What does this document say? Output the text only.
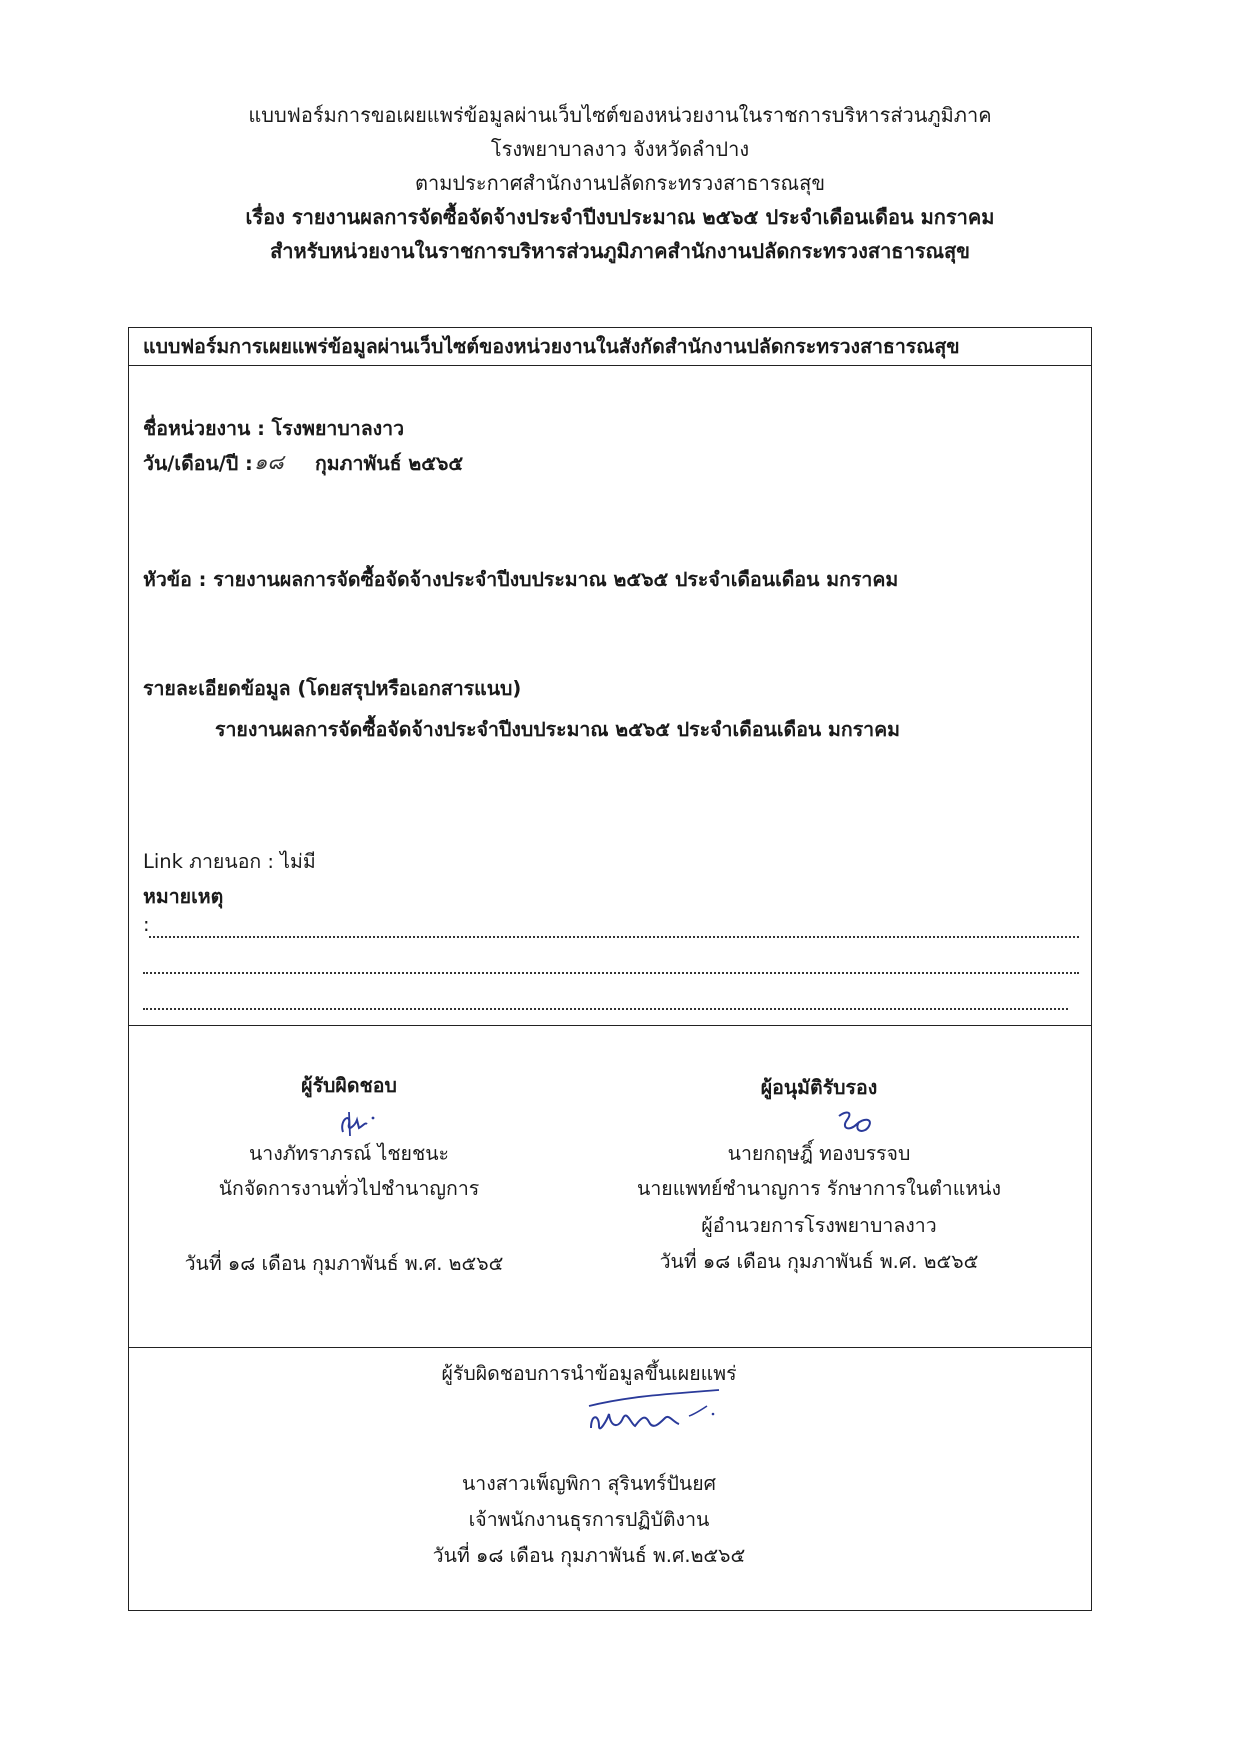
แบบฟอร์มการขอเผยแพร่ข้อมูลผ่านเว็บไซต์ของหน่วยงานในราชการบริหารส่วนภูมิภาค
โรงพยาบาลงาว จังหวัดลำปาง
ตามประกาศสำนักงานปลัดกระทรวงสาธารณสุข
เรื่อง รายงานผลการจัดซื้อจัดจ้างประจำปีงบประมาณ ๒๕๖๕ ประจำเดือนเดือน มกราคม
สำหรับหน่วยงานในราชการบริหารส่วนภูมิภาคสำนักงานปลัดกระทรวงสาธารณสุข
แบบฟอร์มการเผยแพร่ข้อมูลผ่านเว็บไซต์ของหน่วยงานในสังกัดสำนักงานปลัดกระทรวงสาธารณสุข
ชื่อหน่วยงาน : โรงพยาบาลงาว
วัน/เดือน/ปี : ๑๘ กุมภาพันธ์ ๒๕๖๕
หัวข้อ : รายงานผลการจัดซื้อจัดจ้างประจำปีงบประมาณ ๒๕๖๕ ประจำเดือนเดือน มกราคม
รายละเอียดข้อมูล (โดยสรุปหรือเอกสารแนบ)
รายงานผลการจัดซื้อจัดจ้างประจำปีงบประมาณ ๒๕๖๕ ประจำเดือนเดือน มกราคม
Link ภายนอก : ไม่มี
หมายเหตุ
:
ผู้รับผิดชอบ
นางภัทราภรณ์ ไชยชนะ
นักจัดการงานทั่วไปชำนาญการ
วันที่ ๑๘ เดือน กุมภาพันธ์ พ.ศ. ๒๕๖๕
ผู้อนุมัติรับรอง
นายกฤษฎิ์ ทองบรรจบ
นายแพทย์ชำนาญการ รักษาการในตำแหน่ง
ผู้อำนวยการโรงพยาบาลงาว
วันที่ ๑๘ เดือน กุมภาพันธ์ พ.ศ. ๒๕๖๕
ผู้รับผิดชอบการนำข้อมูลขึ้นเผยแพร่
นางสาวเพ็ญพิกา สุรินทร์ปันยศ
เจ้าพนักงานธุรการปฏิบัติงาน
วันที่ ๑๘ เดือน กุมภาพันธ์ พ.ศ.๒๕๖๕
